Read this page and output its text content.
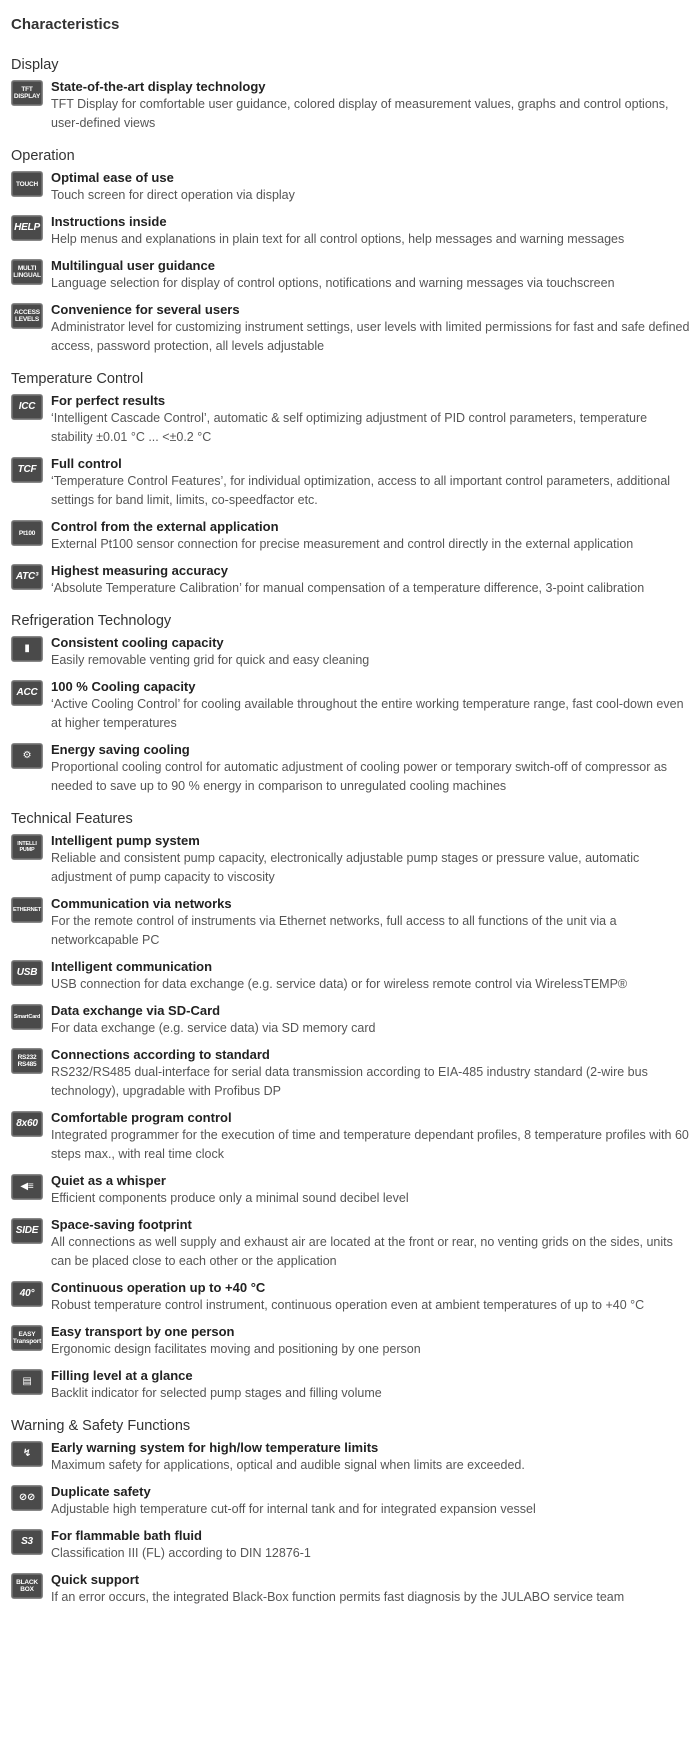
Characteristics
Display
TFT
DISPLAY
State-of-the-art display technology
TFT Display for comfortable user guidance, colored display of measurement values, graphs and control options, user-defined views
Operation
TOUCH Optimal ease of use
Touch screen for direct operation via display
HELP Instructions inside
Help menus and explanations in plain text for all control options, help messages and warning messages
MULTI
LINGUAL
Multilingual user guidance
Language selection for display of control options, notifications and warning messages via touchscreen
ACCESS
LEVELS
Convenience for several users
Administrator level for customizing instrument settings, user levels with limited permissions for fast and safe defined access, password protection, all levels adjustable
Temperature Control
ICC For perfect results
‘Intelligent Cascade Control’, automatic & self optimizing adjustment of PID control parameters, temperature stability ±0.01 °C ... <±0.2 °C
TCF Full control
‘Temperature Control Features’, for individual optimization, access to all important control parameters, additional settings for band limit, limits, co-speedfactor etc.
Pt100 Control from the external application
External Pt100 sensor connection for precise measurement and control directly in the external application
ATC³ Highest measuring accuracy
‘Absolute Temperature Calibration’ for manual compensation of a temperature difference, 3-point calibration
Refrigeration Technology
▮ Consistent cooling capacity
Easily removable venting grid for quick and easy cleaning
ACC 100 % Cooling capacity
‘Active Cooling Control’ for cooling available throughout the entire working temperature range, fast cool-down even at higher temperatures
⚙ Energy saving cooling
Proportional cooling control for automatic adjustment of cooling power or temporary switch-off of compressor as needed to save up to 90 % energy in comparison to unregulated cooling machines
Technical Features
INTELLI
PUMP
Intelligent pump system
Reliable and consistent pump capacity, electronically adjustable pump stages or pressure value, automatic adjustment of pump capacity to viscosity
ETHERNET Communication via networks
For the remote control of instruments via Ethernet networks, full access to all functions of the unit via a networkcapable PC
USB Intelligent communication
USB connection for data exchange (e.g. service data) or for wireless remote control via WirelessTEMP®
SmartCard Data exchange via SD-Card
For data exchange (e.g. service data) via SD memory card
RS232
RS485
Connections according to standard
RS232/RS485 dual-interface for serial data transmission according to EIA-485 industry standard (2-wire bus technology), upgradable with Profibus DP
8x60 Comfortable program control
Integrated programmer for the execution of time and temperature dependant profiles, 8 temperature profiles with 60 steps max., with real time clock
◀≡ Quiet as a whisper
Efficient components produce only a minimal sound decibel level
SIDE Space-saving footprint
All connections as well supply and exhaust air are located at the front or rear, no venting grids on the sides, units can be placed close to each other or the application
40° Continuous operation up to +40 °C
Robust temperature control instrument, continuous operation even at ambient temperatures of up to +40 °C
EASY
Transport
Easy transport by one person
Ergonomic design facilitates moving and positioning by one person
▤ Filling level at a glance
Backlit indicator for selected pump stages and filling volume
Warning & Safety Functions
↯ Early warning system for high/low temperature limits
Maximum safety for applications, optical and audible signal when limits are exceeded.
⊘⊘ Duplicate safety
Adjustable high temperature cut-off for internal tank and for integrated expansion vessel
S3 For flammable bath fluid
Classification III (FL) according to DIN 12876-1
BLACK
BOX
Quick support
If an error occurs, the integrated Black-Box function permits fast diagnosis by the JULABO service team
